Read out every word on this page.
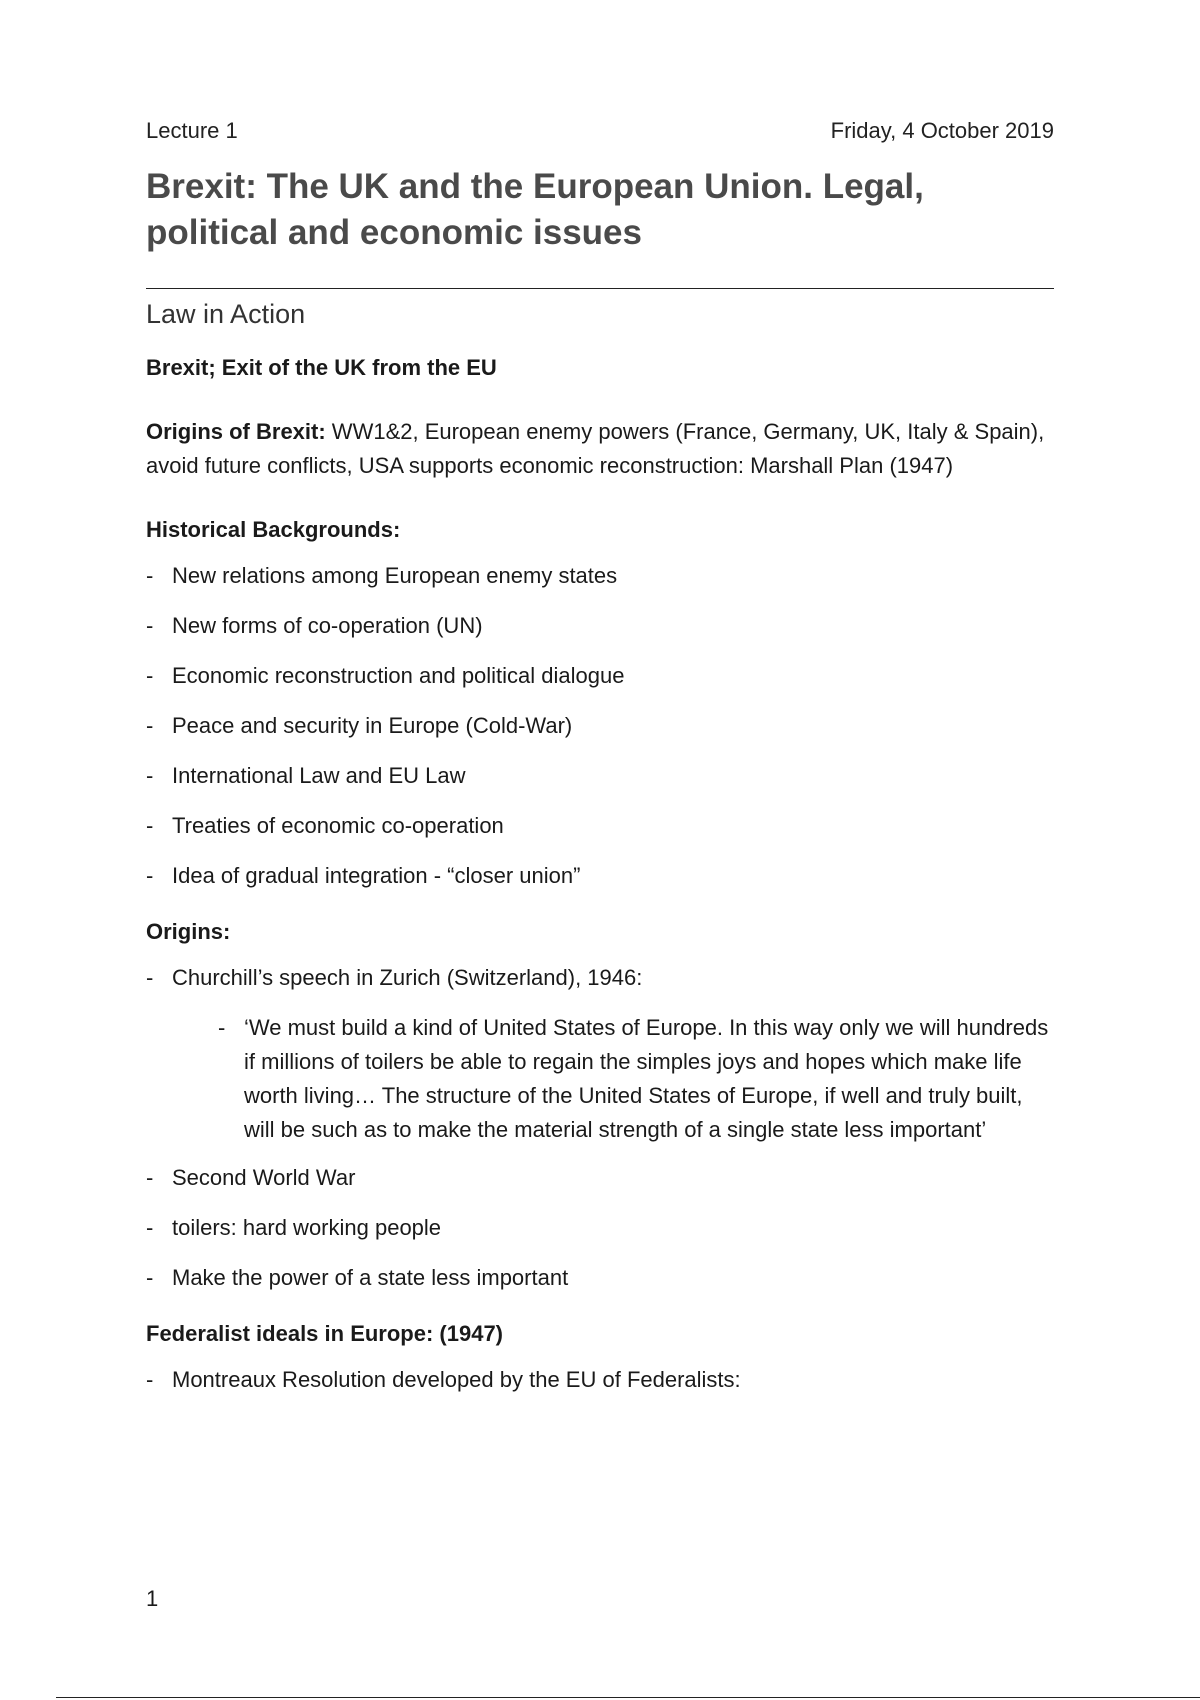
Lecture 1	Friday, 4 October 2019
Brexit: The UK and the European Union. Legal,
political and economic issues
Law in Action
Brexit; Exit of the UK from the EU
Origins of Brexit: WW1&2, European enemy powers (France, Germany, UK, Italy & Spain), avoid future conflicts, USA supports economic reconstruction: Marshall Plan (1947)
Historical Backgrounds:
- New relations among European enemy states
- New forms of co-operation (UN)
- Economic reconstruction and political dialogue
- Peace and security in Europe (Cold-War)
- International Law and EU Law
- Treaties of economic co-operation
- Idea of gradual integration - “closer union”
Origins:
- Churchill’s speech in Zurich (Switzerland), 1946:
- ‘We must build a kind of United States of Europe. In this way only we will hundreds if millions of toilers be able to regain the simples joys and hopes which make life worth living… The structure of the United States of Europe, if well and truly built, will be such as to make the material strength of a single state less important’
- Second World War
- toilers: hard working people
- Make the power of a state less important
Federalist ideals in Europe: (1947)
- Montreaux Resolution developed by the EU of Federalists:
1
